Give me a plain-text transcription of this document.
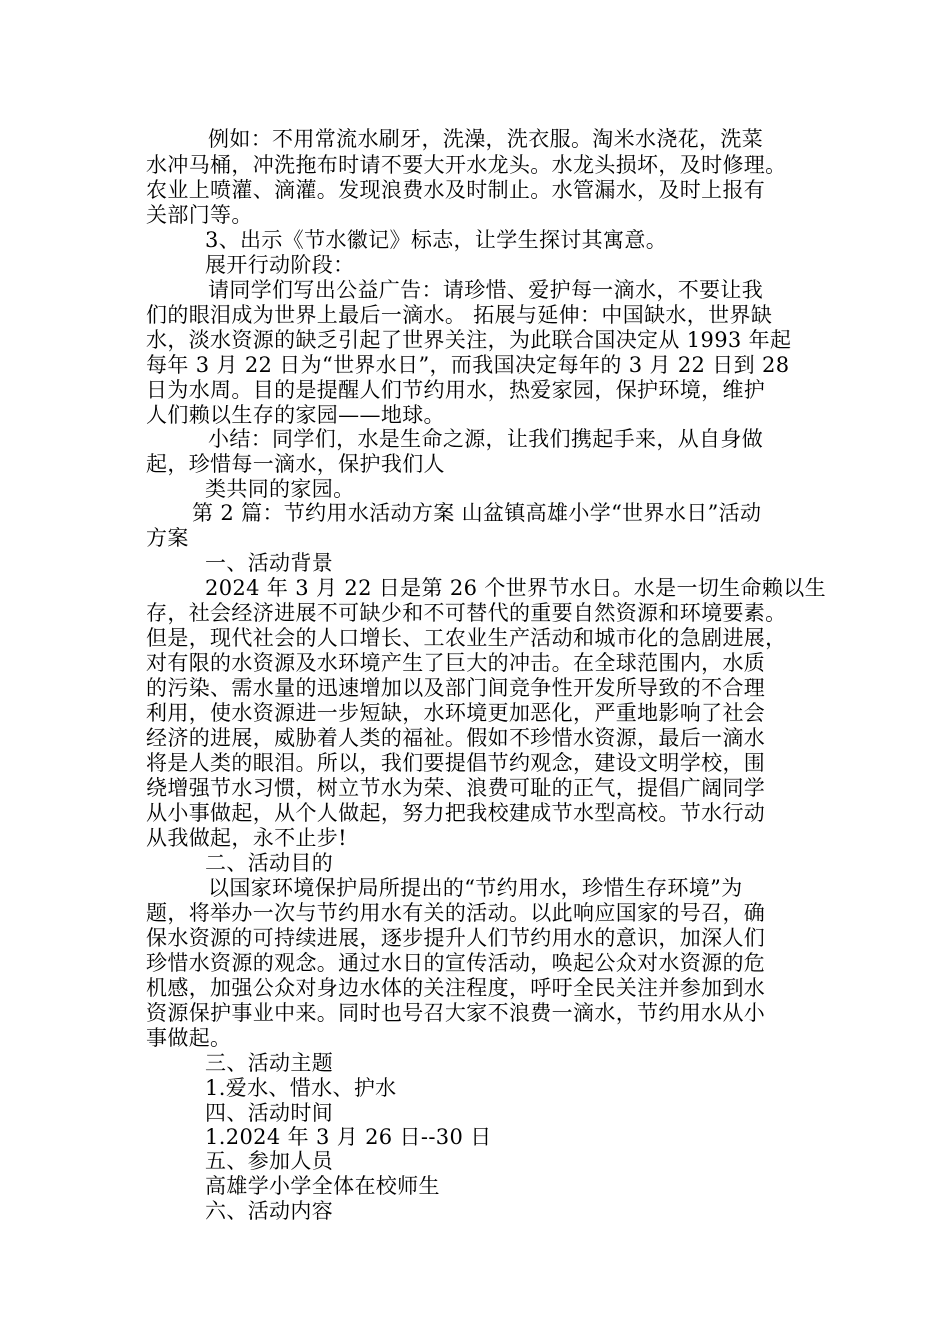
例如：不用常流水刷牙，洗澡，洗衣服。淘米水浇花，洗菜
水冲马桶，冲洗拖布时请不要大开水龙头。水龙头损坏，及时修理。
农业上喷灌、滴灌。发现浪费水及时制止。水管漏水，及时上报有
关部门等。
3、出示《节水徽记》标志，让学生探讨其寓意。
展开行动阶段：
请同学们写出公益广告：请珍惜、爱护每一滴水，不要让我
们的眼泪成为世界上最后一滴水。 拓展与延伸：中国缺水，世界缺
水，淡水资源的缺乏引起了世界关注，为此联合国决定从 1993 年起
每年 3 月 22 日为“世界水日”，而我国决定每年的 3 月 22 日到 28
日为水周。目的是提醒人们节约用水，热爱家园，保护环境，维护
人们赖以生存的家园——地球。
小结：同学们，水是生命之源，让我们携起手来，从自身做
起，珍惜每一滴水，保护我们人
类共同的家园。
第 2 篇：节约用水活动方案 山盆镇高雄小学“世界水日”活动
方案
一、活动背景
2024 年 3 月 22 日是第 26 个世界节水日。水是一切生命赖以生
存，社会经济进展不可缺少和不可替代的重要自然资源和环境要素。
但是，现代社会的人口增长、工农业生产活动和城市化的急剧进展，
对有限的水资源及水环境产生了巨大的冲击。在全球范围内，水质
的污染、需水量的迅速增加以及部门间竞争性开发所导致的不合理
利用，使水资源进一步短缺，水环境更加恶化，严重地影响了社会
经济的进展，威胁着人类的福祉。假如不珍惜水资源，最后一滴水
将是人类的眼泪。所以，我们要提倡节约观念，建设文明学校，围
绕增强节水习惯，树立节水为荣、浪费可耻的正气，提倡广阔同学
从小事做起，从个人做起，努力把我校建成节水型高校。节水行动
从我做起，永不止步!
二、活动目的
以国家环境保护局所提出的“节约用水，珍惜生存环境”为
题，将举办一次与节约用水有关的活动。以此响应国家的号召，确
保水资源的可持续进展，逐步提升人们节约用水的意识，加深人们
珍惜水资源的观念。通过水日的宣传活动，唤起公众对水资源的危
机感，加强公众对身边水体的关注程度，呼吁全民关注并参加到水
资源保护事业中来。同时也号召大家不浪费一滴水，节约用水从小
事做起。
三、活动主题
1.爱水、惜水、护水
四、活动时间
1.2024 年 3 月 26 日--30 日
五、参加人员
高雄学小学全体在校师生
六、活动内容
